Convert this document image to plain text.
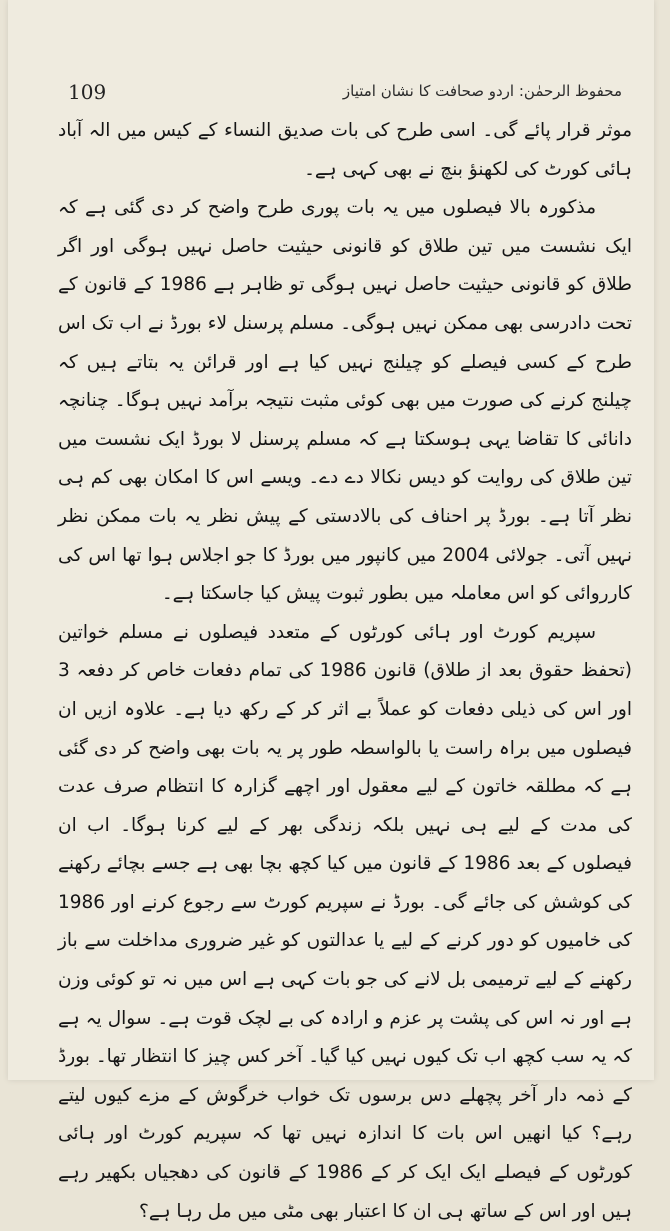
109	محفوظ الرحمٰن: اردو صحافت کا نشان امتیاز

موثر قرار پائے گی۔ اسی طرح کی بات صدیق النساء کے کیس میں الہ آباد ہائی کورٹ کی لکھنؤ بنچ نے بھی کہی ہے۔

مذکورہ بالا فیصلوں میں یہ بات پوری طرح واضح کر دی گئی ہے کہ ایک نشست میں تین طلاق کو قانونی حیثیت حاصل نہیں ہوگی اور اگر طلاق کو قانونی حیثیت حاصل نہیں ہوگی تو ظاہر ہے 1986 کے قانون کے تحت دادرسی بھی ممکن نہیں ہوگی۔ مسلم پرسنل لاء بورڈ نے اب تک اس طرح کے کسی فیصلے کو چیلنج نہیں کیا ہے اور قرائن یہ بتاتے ہیں کہ چیلنج کرنے کی صورت میں بھی کوئی مثبت نتیجہ برآمد نہیں ہوگا۔ چنانچہ دانائی کا تقاضا یہی ہوسکتا ہے کہ مسلم پرسنل لا بورڈ ایک نشست میں تین طلاق کی روایت کو دیس نکالا دے دے۔ ویسے اس کا امکان بھی کم ہی نظر آتا ہے۔ بورڈ پر احناف کی بالادستی کے پیش نظر یہ بات ممکن نظر نہیں آتی۔ جولائی 2004 میں کانپور میں بورڈ کا جو اجلاس ہوا تھا اس کی کارروائی کو اس معاملہ میں بطور ثبوت پیش کیا جاسکتا ہے۔

سپریم کورٹ اور ہائی کورٹوں کے متعدد فیصلوں نے مسلم خواتین (تحفظ حقوق بعد از طلاق) قانون 1986 کی تمام دفعات خاص کر دفعہ 3 اور اس کی ذیلی دفعات کو عملاً بے اثر کر کے رکھ دیا ہے۔ علاوہ ازیں ان فیصلوں میں براہ راست یا بالواسطہ طور پر یہ بات بھی واضح کر دی گئی ہے کہ مطلقہ خاتون کے لیے معقول اور اچھے گزارہ کا انتظام صرف عدت کی مدت کے لیے ہی نہیں بلکہ زندگی بھر کے لیے کرنا ہوگا۔ اب ان فیصلوں کے بعد 1986 کے قانون میں کیا کچھ بچا بھی ہے جسے بچائے رکھنے کی کوشش کی جائے گی۔ بورڈ نے سپریم کورٹ سے رجوع کرنے اور 1986 کی خامیوں کو دور کرنے کے لیے یا عدالتوں کو غیر ضروری مداخلت سے باز رکھنے کے لیے ترمیمی بل لانے کی جو بات کہی ہے اس میں نہ تو کوئی وزن ہے اور نہ اس کی پشت پر عزم و ارادہ کی بے لچک قوت ہے۔ سوال یہ ہے کہ یہ سب کچھ اب تک کیوں نہیں کیا گیا۔ آخر کس چیز کا انتظار تھا۔ بورڈ کے ذمہ دار آخر پچھلے دس برسوں تک خواب خرگوش کے مزے کیوں لیتے رہے؟ کیا انھیں اس بات کا اندازہ نہیں تھا کہ سپریم کورٹ اور ہائی کورٹوں کے فیصلے ایک ایک کر کے 1986 کے قانون کی دھجیاں بکھیر رہے ہیں اور اس کے ساتھ ہی ان کا اعتبار بھی مٹی میں مل رہا ہے؟
